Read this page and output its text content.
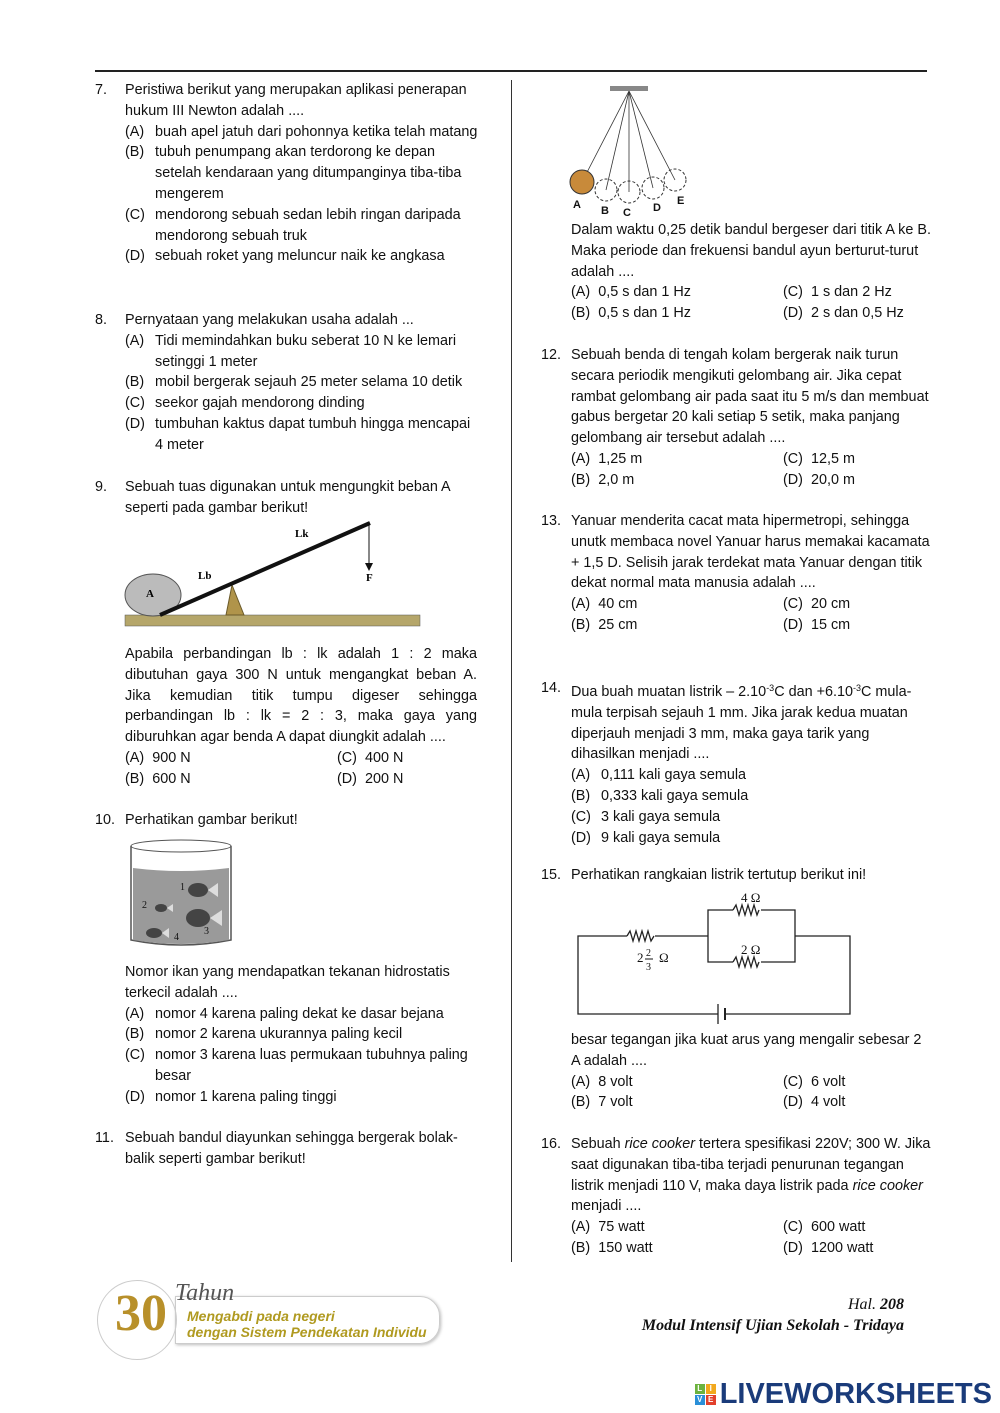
7. Peristiwa berikut yang merupakan aplikasi penerapan hukum III Newton adalah ....
(A) buah apel jatuh dari pohonnya ketika telah matang
(B) tubuh penumpang akan terdorong ke depan setelah kendaraan yang ditumpanginya tiba-tiba mengerem
(C) mendorong sebuah sedan lebih ringan daripada mendorong sebuah truk
(D) sebuah roket yang meluncur naik ke angkasa
8. Pernyataan yang melakukan usaha adalah ...
(A) Tidi memindahkan buku seberat 10 N ke lemari setinggi 1 meter
(B) mobil bergerak sejauh 25 meter selama 10 detik
(C) seekor gajah mendorong dinding
(D) tumbuhan kaktus dapat tumbuh hingga mencapai 4 meter
9. Sebuah tuas digunakan untuk mengungkit beban A seperti pada gambar berikut!
A
Lk
Lb	F
Apabila perbandingan lb : lk adalah 1 : 2 maka dibutuhan gaya 300 N untuk mengangkat beban A. Jika kemudian titik tumpu digeser sehingga perbandingan lb : lk = 2 : 3, maka gaya yang diburuhkan agar benda A dapat diungkit adalah ....
(A) 900 N	(C) 400 N
(B) 600 N	(D) 200 N
10. Perhatikan gambar berikut!
1
2
3
4
Nomor ikan yang mendapatkan tekanan hidrostatis terkecil adalah ....
(A) nomor 4 karena paling dekat ke dasar bejana
(B) nomor 2 karena ukurannya paling kecil
(C) nomor 3 karena luas permukaan tubuhnya paling besar
(D) nomor 1 karena paling tinggi
11. Sebuah bandul diayunkan sehingga bergerak bolak-balik seperti gambar berikut!
A B C D
E
Dalam waktu 0,25 detik bandul bergeser dari titik A ke B. Maka periode dan frekuensi bandul ayun berturut-turut adalah ....
(A) 0,5 s dan 1 Hz	(C) 1 s dan 2 Hz
(B) 0,5 s dan 1 Hz	(D) 2 s dan 0,5 Hz
12. Sebuah benda di tengah kolam bergerak naik turun secara periodik mengikuti gelombang air. Jika cepat rambat gelombang air pada saat itu 5 m/s dan membuat gabus bergetar 20 kali setiap 5 setik, maka panjang gelombang air tersebut adalah ....
(A) 1,25 m	(C) 12,5 m
(B) 2,0 m	(D) 20,0 m
13. Yanuar menderita cacat mata hipermetropi, sehingga unutk membaca novel Yanuar harus memakai kacamata + 1,5 D. Selisih jarak terdekat mata Yanuar dengan titik dekat normal mata manusia adalah ....
(A) 40 cm	(C) 20 cm
(B) 25 cm	(D) 15 cm
14. Dua buah muatan listrik – $2.10^{-3}C$ dan $+6.10^{-3}C$ mula-mula terpisah sejauh 1 mm. Jika jarak kedua muatan diperjauh menjadi 3 mm, maka gaya tarik yang dihasilkan menjadi ....
(A) 0,111 kali gaya semula
(B) 0,333 kali gaya semula
(C) 3 kali gaya semula
(D) 9 kali gaya semula
15. Perhatikan rangkaian listrik tertutup berikut ini!
4 Ω
2 Ω
2 2
3
Ω
besar tegangan jika kuat arus yang mengalir sebesar 2 A adalah ....
(A) 8 volt	(C) 6 volt
(B) 7 volt	(D) 4 volt
16. Sebuah rice cooker tertera spesifikasi 220V; 300 W. Jika saat digunakan tiba-tiba terjadi penurunan tegangan listrik menjadi 110 V, maka daya listrik pada rice cooker menjadi ....
(A) 75 watt	(C) 600 watt
(B) 150 watt	(D) 1200 watt
30 Tahun
Mengabdi pada negeri
dengan Sistem Pendekatan Individu
Hal. 208
Modul Intensif Ujian Sekolah - Tridaya
L I
V E LIVEWORKSHEETS
